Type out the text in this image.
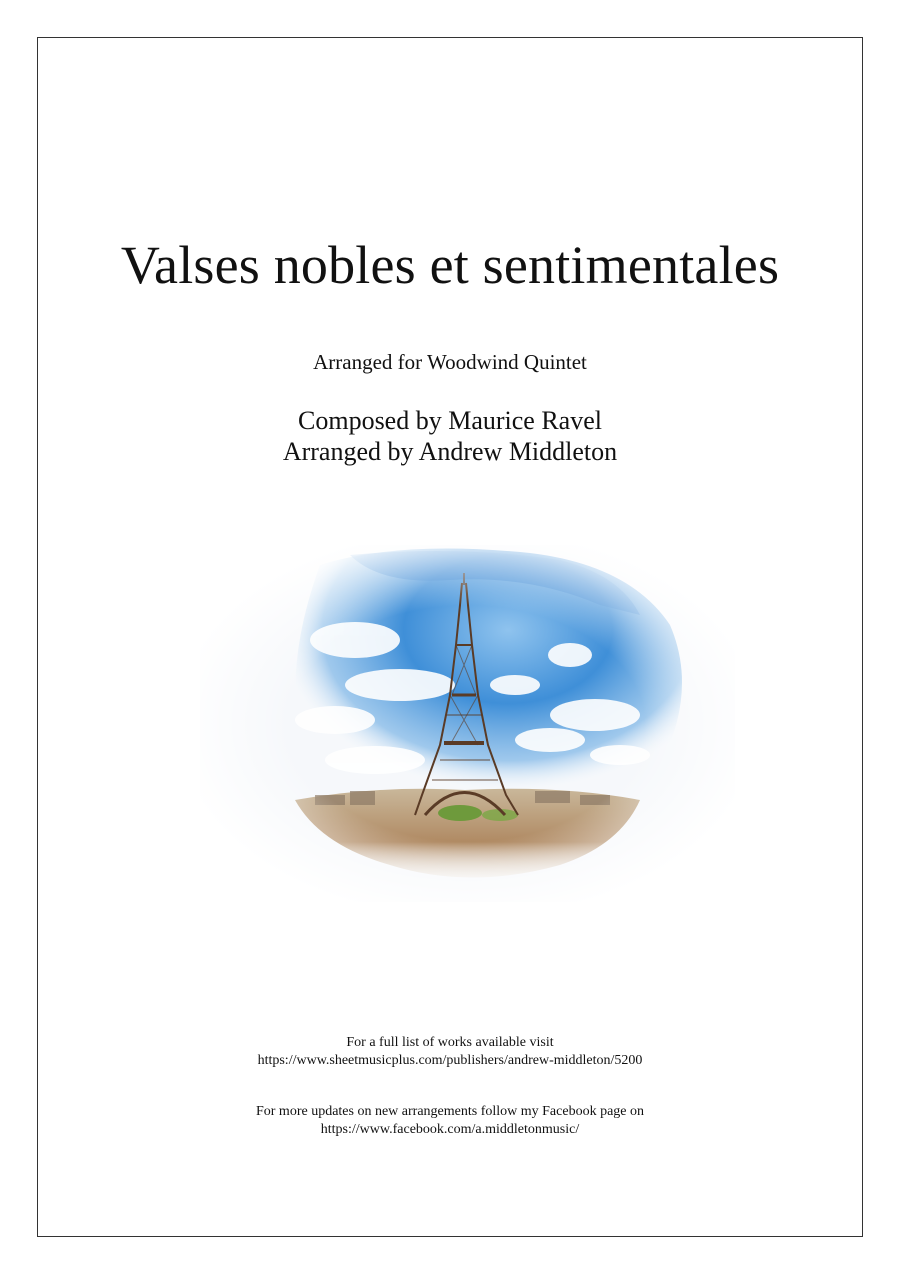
Valses nobles et sentimentales
Arranged for Woodwind Quintet
Composed by Maurice Ravel
Arranged by Andrew Middleton
For a full list of works available visit
https://www.sheetmusicplus.com/publishers/andrew-middleton/5200
For more updates on new arrangements follow my Facebook page on
https://www.facebook.com/a.middletonmusic/
